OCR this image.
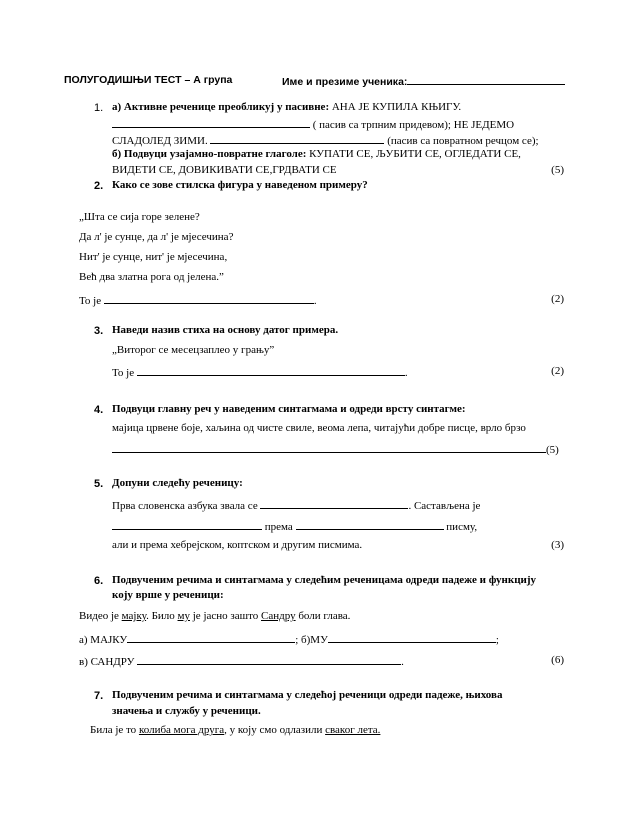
ПОЛУГОДИШЊИ ТЕСТ – А група	Име и презиме ученика:
1. а) Активне реченице преобликуј у пасивне: АНА ЈЕ КУПИЛА КЊИГУ.
( пасив са трпним придевом); НЕ ЈЕДЕМО
СЛАДОЛЕД ЗИМИ.	(пасив са повратном речцом се);
б) Подвуци узајамно-повратне глаголе: КУПАТИ СЕ, ЉУБИТИ СЕ, ОГЛЕДАТИ СЕ,
ВИДЕТИ СЕ, ДОВИКИВАТИ СЕ,ГРДВАТИ СЕ	(5)
2. Како се зове стилска фигура у наведеном примеру?
„Шта се сија горе зелене?
Да л' је сунце, да л' је мјесечина?
Нит' је сунце, нит' је мјесечина,
Већ два златна рога од јелена.”
То је	.	(2)
3. Наведи назив стиха на основу датог примера.
„Виторог се месецзаплео у грању”
То је	.	(2)
4. Подвуци главну реч у наведеним синтагмама и одреди врсту синтагме:
мајица црвене боје, хаљина од чисте свиле, веома лепа, читајући добре писце, врло брзо
(5)
5. Допуни следећу реченицу:
Прва словенска азбука звала се	. Састављена је
према	писму,
али и према хебрејском, коптском и другим писмима.	(3)
6. Подвученим речима и синтагмама у следећим реченицама одреди падеже и функцију
коју врше у реченици:
Видео је мајку. Било му је јасно зашто Сандру боли глава.
а) МАЈКУ	; б)МУ	;
в) САНДРУ	.	(6)
7. Подвученим речима и синтагмама у следећој реченици одреди падеже, њихова
значења и службу у реченици.
Била је то колиба мога друга, у коју смо одлазили сваког лета.
